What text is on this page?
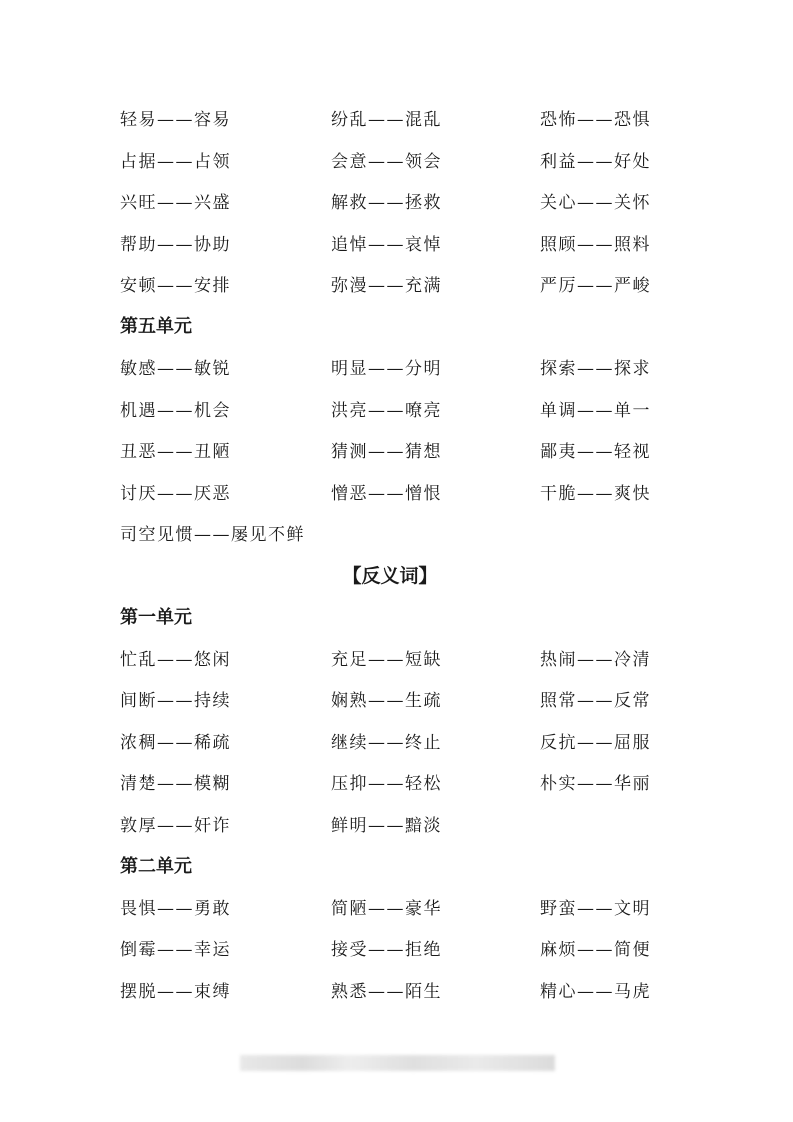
轻易——容易	纷乱——混乱	恐怖——恐惧
占据——占领	会意——领会	利益——好处
兴旺——兴盛	解救——拯救	关心——关怀
帮助——协助	追悼——哀悼	照顾——照料
安顿——安排	弥漫——充满	严厉——严峻
第五单元
敏感——敏锐	明显——分明	探索——探求
机遇——机会	洪亮——嘹亮	单调——单一
丑恶——丑陋	猜测——猜想	鄙夷——轻视
讨厌——厌恶	憎恶——憎恨	干脆——爽快
司空见惯——屡见不鲜
【反义词】
第一单元
忙乱——悠闲	充足——短缺	热闹——冷清
间断——持续	娴熟——生疏	照常——反常
浓稠——稀疏	继续——终止	反抗——屈服
清楚——模糊	压抑——轻松	朴实——华丽
敦厚——奸诈	鲜明——黯淡
第二单元
畏惧——勇敢	简陋——豪华	野蛮——文明
倒霉——幸运	接受——拒绝	麻烦——简便
摆脱——束缚	熟悉——陌生	精心——马虎
